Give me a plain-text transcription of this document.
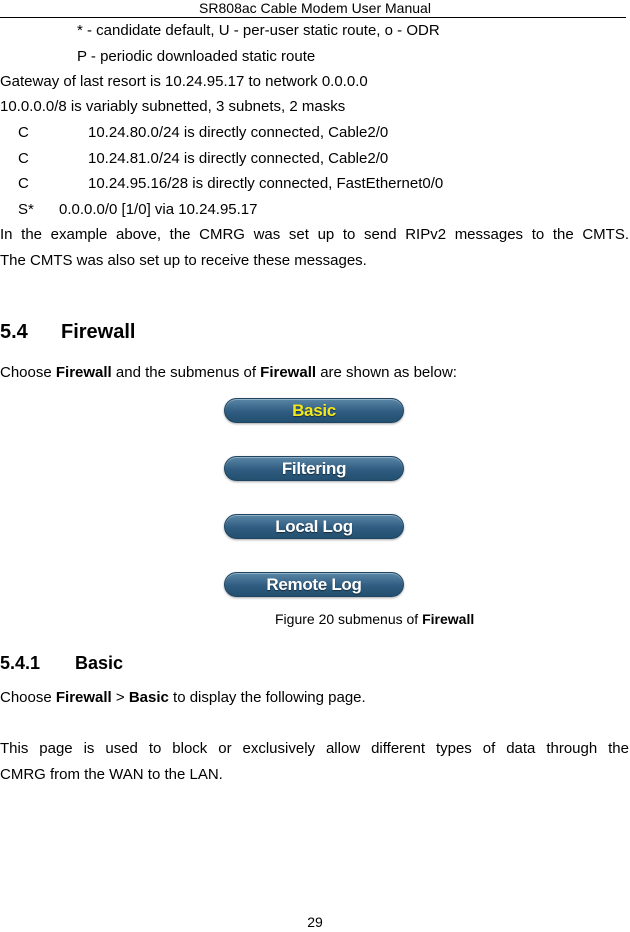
SR808ac Cable Modem User Manual
* - candidate default, U - per-user static route, o - ODR
P - periodic downloaded static route
Gateway of last resort is 10.24.95.17 to network 0.0.0.0
10.0.0.0/8 is variably subnetted, 3 subnets, 2 masks
C	10.24.80.0/24 is directly connected, Cable2/0
C	10.24.81.0/24 is directly connected, Cable2/0
C	10.24.95.16/28 is directly connected, FastEthernet0/0
S* 0.0.0.0/0 [1/0] via 10.24.95.17
In the example above, the CMRG was set up to send RIPv2 messages to the CMTS.
The CMTS was also set up to receive these messages.
5.4 Firewall
Choose Firewall and the submenus of Firewall are shown as below:
Basic
Filtering
Local Log
Remote Log
Figure 20 submenus of Firewall
5.4.1 Basic
Choose Firewall > Basic to display the following page.
This page is used to block or exclusively allow different types of data through the
CMRG from the WAN to the LAN.
29
